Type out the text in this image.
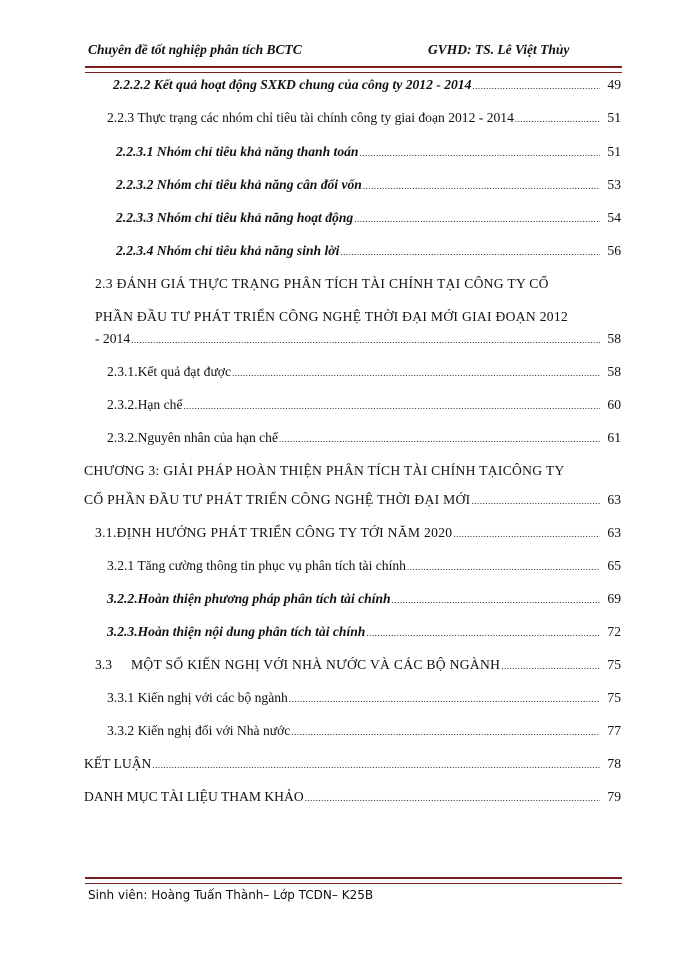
Chuyên đề tốt nghiệp phân tích BCTC	GVHD: TS. Lê Việt Thủy
2.2.2.2 Kết quả hoạt động SXKD chung của công ty 2012 - 2014 .....	49
2.2.3 Thực trạng các nhóm chỉ tiêu tài chính công ty giai đoạn 2012 - 2014 .....	51
2.2.3.1 Nhóm chỉ tiêu khả năng thanh toán .....	51
2.2.3.2 Nhóm chỉ tiêu khả năng cân đối vốn .....	53
2.2.3.3 Nhóm chỉ tiêu khả năng hoạt động .....	54
2.2.3.4 Nhóm chỉ tiêu khả năng sinh lời .....	56
2.3 ĐÁNH GIÁ THỰC TRẠNG PHÂN TÍCH TÀI CHÍNH TẠI CÔNG TY CỔ
PHẦN ĐẦU TƯ PHÁT TRIỂN CÔNG NGHỆ THỜI ĐẠI MỚI GIAI ĐOẠN 2012
- 2014 .....	58
2.3.1.Kết quả đạt được .....	58
2.3.2.Hạn chế .....	60
2.3.2.Nguyên nhân của hạn chế .....	61
CHƯƠNG 3: GIẢI PHÁP HOÀN THIỆN PHÂN TÍCH TÀI CHÍNH TẠICÔNG TY
CỔ PHẦN ĐẦU TƯ PHÁT TRIỂN CÔNG NGHỆ THỜI ĐẠI MỚI .....	63
3.1.ĐỊNH HƯỚNG PHÁT TRIỂN CÔNG TY TỚI NĂM 2020 .....	63
3.2.1 Tăng cường thông tin phục vụ phân tích tài chính .....	65
3.2.2.Hoàn thiện phương pháp phân tích tài chính .....	69
3.2.3.Hoàn thiện nội dung phân tích tài chính .....	72
3.3	MỘT SỐ KIẾN NGHỊ VỚI NHÀ NƯỚC VÀ CÁC BỘ NGÀNH .....	75
3.3.1 Kiến nghị với các bộ ngành .....	75
3.3.2 Kiến nghị đối với Nhà nước .....	77
KẾT LUẬN .....	78
DANH MỤC TÀI LIỆU THAM KHẢO .....	79
Sinh viên: Hoàng Tuấn Thành– Lớp TCDN– K25B
